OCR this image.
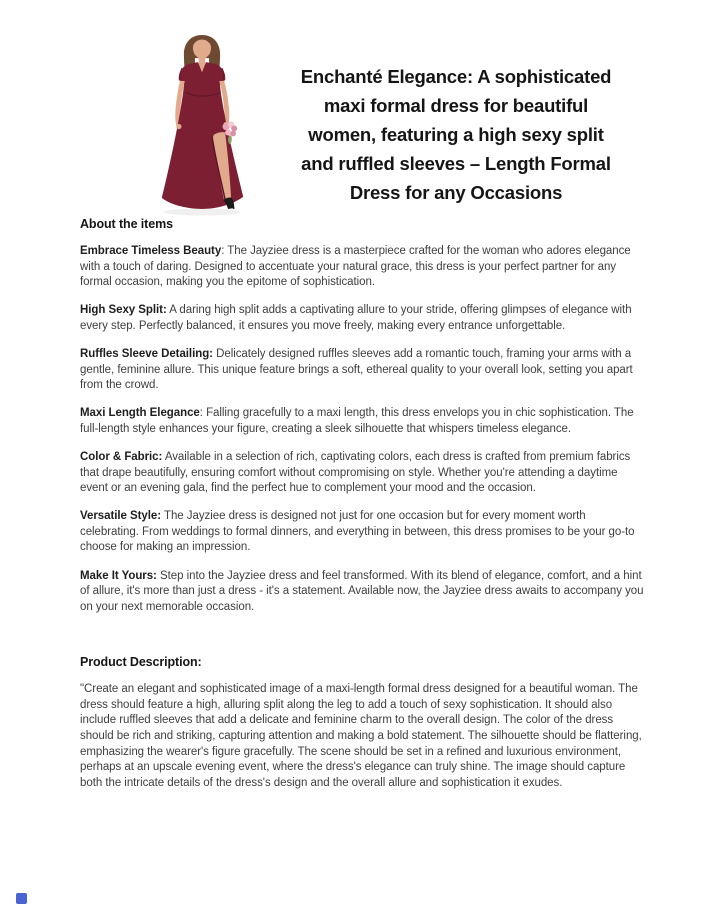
Enchanté Elegance: A sophisticated
maxi formal dress for beautiful
women, featuring a high sexy split
and ruffled sleeves – Length Formal
Dress for any Occasions
About the items

Embrace Timeless Beauty: The Jayziee dress is a masterpiece crafted for the woman who adores elegance with a touch of daring. Designed to accentuate your natural grace, this dress is your perfect partner for any formal occasion, making you the epitome of sophistication.

High Sexy Split: A daring high split adds a captivating allure to your stride, offering glimpses of elegance with every step. Perfectly balanced, it ensures you move freely, making every entrance unforgettable.

Ruffles Sleeve Detailing: Delicately designed ruffles sleeves add a romantic touch, framing your arms with a gentle, feminine allure. This unique feature brings a soft, ethereal quality to your overall look, setting you apart from the crowd.

Maxi Length Elegance: Falling gracefully to a maxi length, this dress envelops you in chic sophistication. The full-length style enhances your figure, creating a sleek silhouette that whispers timeless elegance.

Color & Fabric: Available in a selection of rich, captivating colors, each dress is crafted from premium fabrics that drape beautifully, ensuring comfort without compromising on style. Whether you're attending a daytime event or an evening gala, find the perfect hue to complement your mood and the occasion.

Versatile Style: The Jayziee dress is designed not just for one occasion but for every moment worth celebrating. From weddings to formal dinners, and everything in between, this dress promises to be your go-to choose for making an impression.

Make It Yours: Step into the Jayziee dress and feel transformed. With its blend of elegance, comfort, and a hint of allure, it's more than just a dress - it's a statement. Available now, the Jayziee dress awaits to accompany you on your next memorable occasion.

Product Description:

"Create an elegant and sophisticated image of a maxi-length formal dress designed for a beautiful woman. The dress should feature a high, alluring split along the leg to add a touch of sexy sophistication. It should also include ruffled sleeves that add a delicate and feminine charm to the overall design. The color of the dress should be rich and striking, capturing attention and making a bold statement. The silhouette should be flattering, emphasizing the wearer's figure gracefully. The scene should be set in a refined and luxurious environment, perhaps at an upscale evening event, where the dress's elegance can truly shine. The image should capture both the intricate details of the dress's design and the overall allure and sophistication it exudes.
